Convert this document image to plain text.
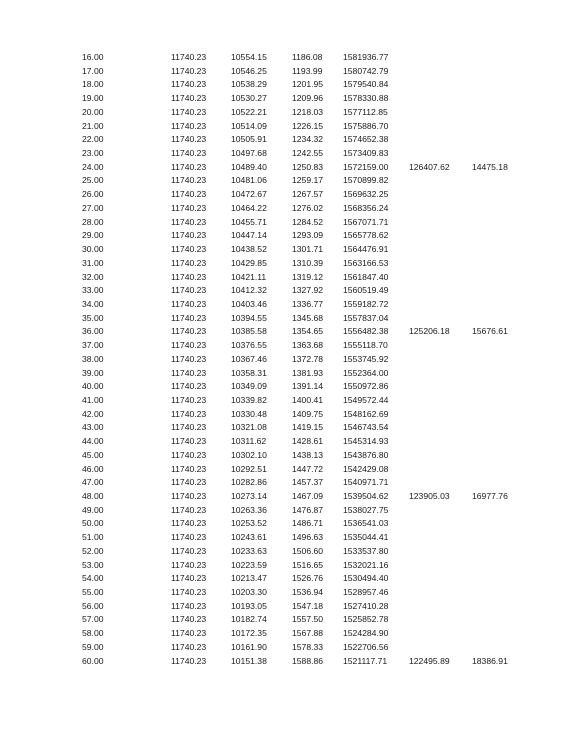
16.00	11740.23	10554.15	1186.08 1581936.77
17.00	11740.23	10546.25	1193.99 1580742.79
18.00	11740.23	10538.29	1201.95 1579540.84
19.00	11740.23	10530.27	1209.96 1578330.88
20.00	11740.23	10522.21	1218.03 1577112.85
21.00	11740.23	10514.09	1226.15 1575886.70
22.00	11740.23	10505.91	1234.32 1574652.38
23.00	11740.23	10497.68	1242.55 1573409.83
24.00	11740.23	10489.40	1250.83 1572159.00 126407.62	14475.18
25.00	11740.23	10481.06	1259.17 1570899.82
26.00	11740.23	10472.67	1267.57 1569632.25
27.00	11740.23	10464.22	1276.02 1568356.24
28.00	11740.23	10455.71	1284.52 1567071.71
29.00	11740.23	10447.14	1293.09 1565778.62
30.00	11740.23	10438.52	1301.71 1564476.91
31.00	11740.23	10429.85	1310.39 1563166.53
32.00	11740.23	10421.11	1319.12 1561847.40
33.00	11740.23	10412.32	1327.92 1560519.49
34.00	11740.23	10403.46	1336.77 1559182.72
35.00	11740.23	10394.55	1345.68 1557837.04
36.00	11740.23	10385.58	1354.65 1556482.38 125206.18	15676.61
37.00	11740.23	10376.55	1363.68 1555118.70
38.00	11740.23	10367.46	1372.78 1553745.92
39.00	11740.23	10358.31	1381.93 1552364.00
40.00	11740.23	10349.09	1391.14 1550972.86
41.00	11740.23	10339.82	1400.41 1549572.44
42.00	11740.23	10330.48	1409.75 1548162.69
43.00	11740.23	10321.08	1419.15 1546743.54
44.00	11740.23	10311.62	1428.61 1545314.93
45.00	11740.23	10302.10	1438.13 1543876.80
46.00	11740.23	10292.51	1447.72 1542429.08
47.00	11740.23	10282.86	1457.37 1540971.71
48.00	11740.23	10273.14	1467.09 1539504.62 123905.03	16977.76
49.00	11740.23	10263.36	1476.87 1538027.75
50.00	11740.23	10253.52	1486.71 1536541.03
51.00	11740.23	10243.61	1496.63 1535044.41
52.00	11740.23	10233.63	1506.60 1533537.80
53.00	11740.23	10223.59	1516.65 1532021.16
54.00	11740.23	10213.47	1526.76 1530494.40
55.00	11740.23	10203.30	1536.94 1528957.46
56.00	11740.23	10193.05	1547.18 1527410.28
57.00	11740.23	10182.74	1557.50 1525852.78
58.00	11740.23	10172.35	1567.88 1524284.90
59.00	11740.23	10161.90	1578.33 1522706.56
60.00	11740.23	10151.38	1588.86 1521117.71	122495.89	18386.91
